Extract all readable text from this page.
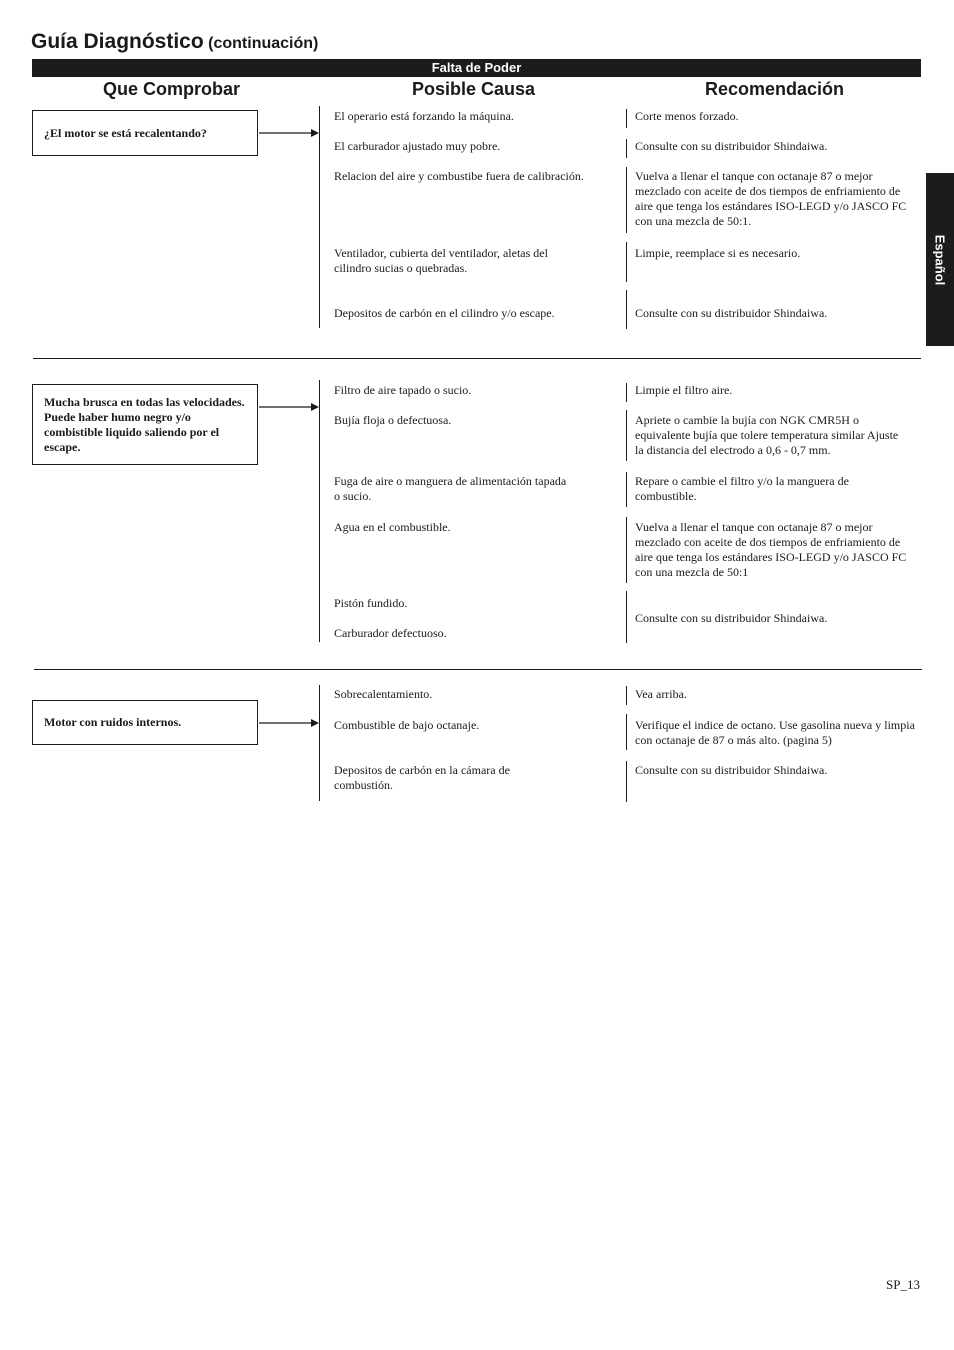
Guía Diagnóstico (continuación)
Falta de Poder
Que Comprobar	Posible Causa	Recomendación
Español
¿El motor se está recalentando?
El operario está forzando la máquina.
El carburador ajustado muy pobre.
Relacion del aire y combustibe fuera de calibración.
Ventilador, cubierta del ventilador, aletas del cilindro sucias o quebradas.
Depositos de carbón en el cilindro y/o escape.
Corte menos forzado.
Consulte con su distribuidor Shindaiwa.
Vuelva a llenar el tanque con octanaje 87 o mejor mezclado con aceite de dos tiempos de enfriamiento de aire que tenga los estándares ISO-LEGD y/o JASCO FC con una mezcla de 50:1.
Limpie, reemplace si es necesario.
Consulte con su distribuidor Shindaiwa.
Mucha brusca en todas las velocidades. Puede haber humo negro y/o combistible liquido saliendo por el escape.
Filtro de aire tapado o sucio.
Bujía floja o defectuosa.
Fuga de aire o manguera de alimentación tapada o sucio.
Agua en el combustible.
Pistón fundido.
Carburador defectuoso.
Limpie el filtro aire.
Apriete o cambie la bujía con NGK CMR5H o equivalente bujía que tolere temperatura similar Ajuste la distancia del electrodo a 0,6 - 0,7 mm.
Repare o cambie el filtro y/o la manguera de combustible.
Vuelva a llenar el tanque con octanaje 87 o mejor mezclado con aceite de dos tiempos de enfriamiento de aire que tenga los estándares ISO-LEGD y/o JASCO FC con una mezcla de 50:1
Consulte con su distribuidor Shindaiwa.
Motor con ruidos internos.
Sobrecalentamiento.
Combustible de bajo octanaje.
Depositos de carbón en la cámara de combustión.
Vea arriba.
Verifique el indice de octano. Use gasolina nueva y limpia con octanaje de 87 o más alto. (pagina 5)
Consulte con su distribuidor Shindaiwa.
SP_13
